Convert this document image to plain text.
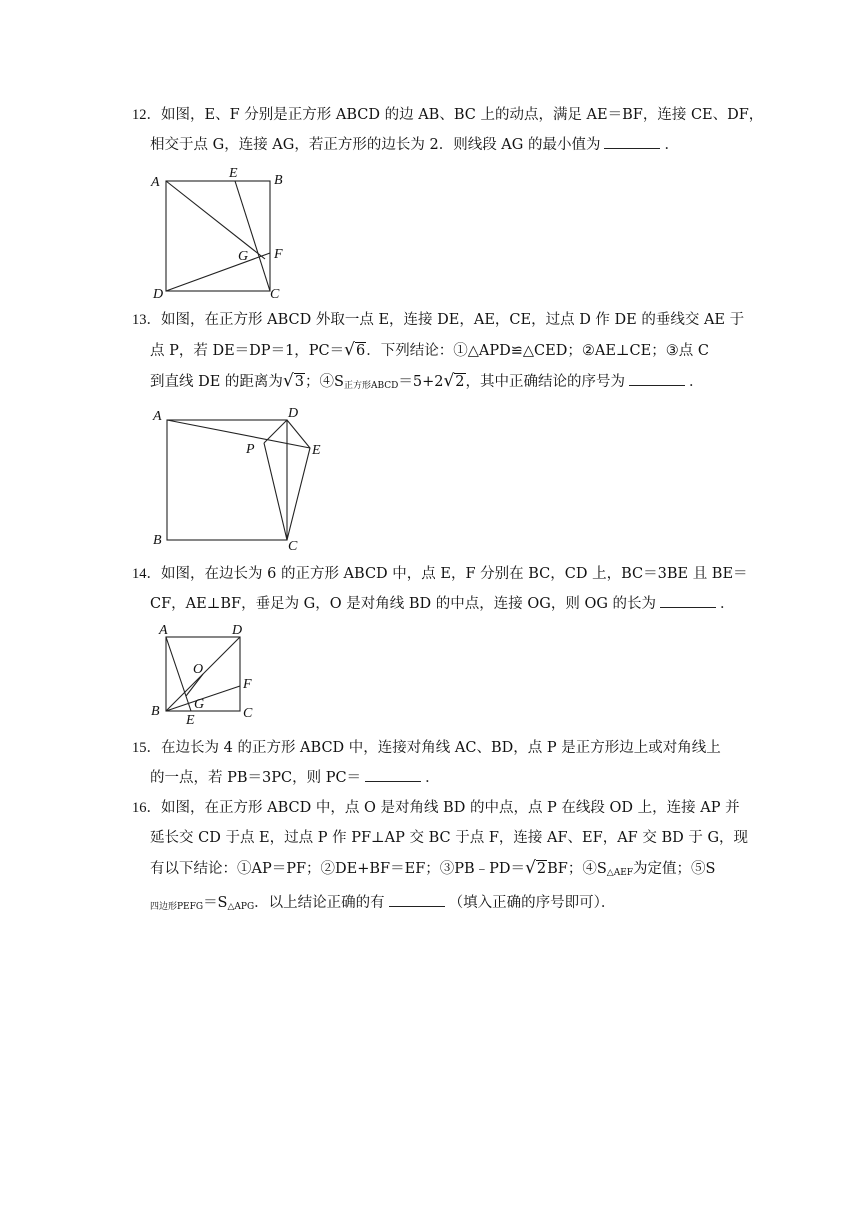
12．如图，E、F 分别是正方形 ABCD 的边 AB、BC 上的动点，满足 AE＝BF，连接 CE、DF，
相交于点 G，连接 AG，若正方形的边长为 2．则线段 AG 的最小值为	．
A
E	B
G F
D	C
13．如图，在正方形 ABCD 外取一点 E，连接 DE，AE，CE，过点 D 作 DE 的垂线交 AE 于
点 P，若 DE＝DP＝1，PC＝√6．下列结论：①△APD≌△CED；②AE⊥CE；③点 C
到直线 DE 的距离为√3；$④S_{正方形ABCD}=5+2√2$，其中正确结论的序号为	．
A	D
P	E
B	C
14．如图，在边长为 6 的正方形 ABCD 中，点 E，F 分别在 BC，CD 上，BC＝3BE 且 BE＝
CF，AE⊥BF，垂足为 G，O 是对角线 BD 的中点，连接 OG，则 OG 的长为	．
A	D
O
F
B G
E	C
15．在边长为 4 的正方形 ABCD 中，连接对角线 AC、BD，点 P 是正方形边上或对角线上
的一点，若 PB＝3PC，则 PC＝	．
16．如图，在正方形 ABCD 中，点 O 是对角线 BD 的中点，点 P 在线段 OD 上，连接 AP 并
延长交 CD 于点 E，过点 P 作 PF⊥AP 交 BC 于点 F，连接 AF、EF，AF 交 BD 于 G，现
有以下结论：①AP＝PF；②DE+BF＝EF；③PB﹣PD＝√2BF；$④S_{\triangle AEF}$为定值；⑤S
$_{四边形PEFG}=S_{\triangle APG}$．以上结论正确的有	（填入正确的序号即可）．
